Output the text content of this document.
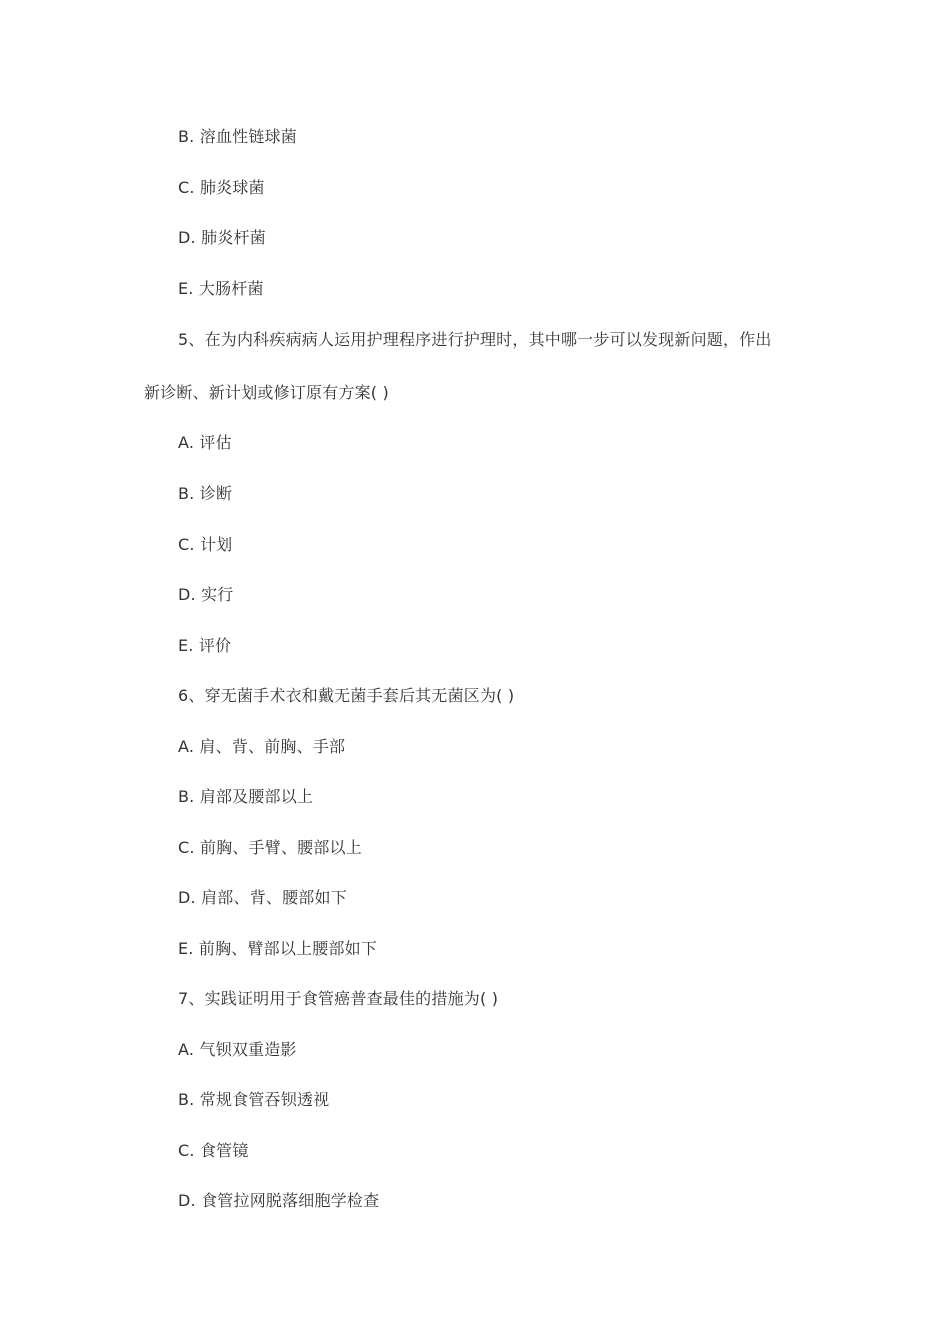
B. 溶血性链球菌
C. 肺炎球菌
D. 肺炎杆菌
E. 大肠杆菌
5、在为内科疾病病人运用护理程序进行护理时，其中哪一步可以发现新问题，作出
新诊断、新计划或修订原有方案( )
A. 评估
B. 诊断
C. 计划
D. 实行
E. 评价
6、穿无菌手术衣和戴无菌手套后其无菌区为( )
A. 肩、背、前胸、手部
B. 肩部及腰部以上
C. 前胸、手臂、腰部以上
D. 肩部、背、腰部如下
E. 前胸、臂部以上腰部如下
7、实践证明用于食管癌普查最佳的措施为( )
A. 气钡双重造影
B. 常规食管吞钡透视
C. 食管镜
D. 食管拉网脱落细胞学检查
